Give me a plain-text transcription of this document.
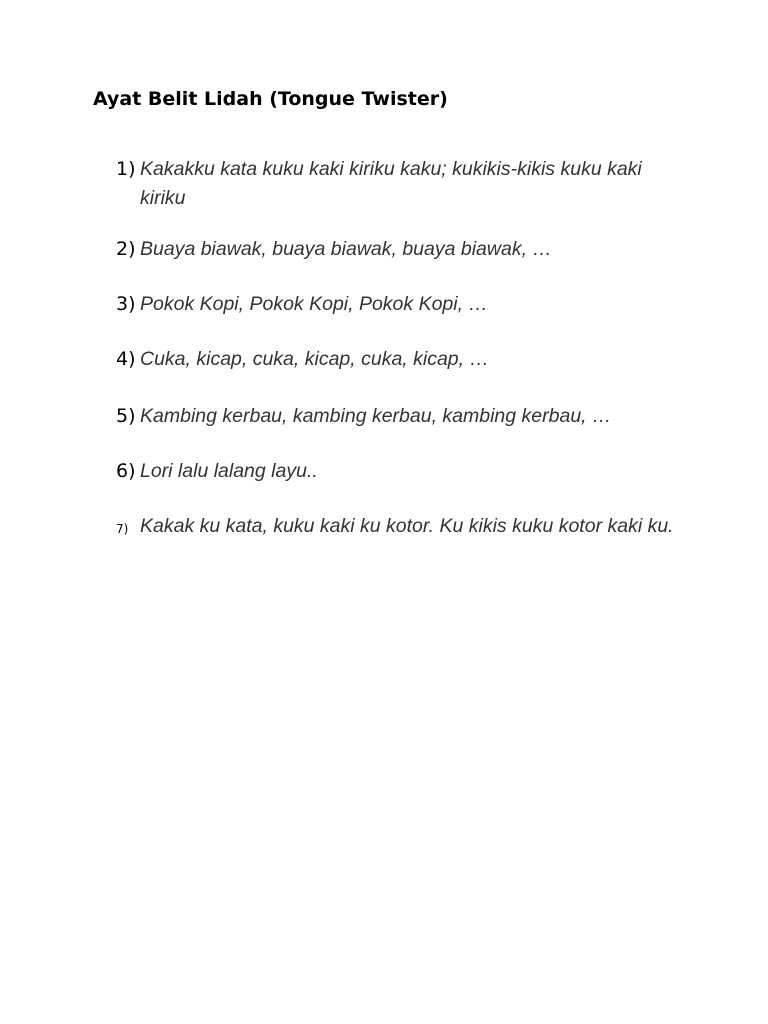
Ayat Belit Lidah (Tongue Twister)
1) Kakakku kata kuku kaki kiriku kaku; kukikis-kikis kuku kaki kiriku
2) Buaya biawak, buaya biawak, buaya biawak, …
3) Pokok Kopi, Pokok Kopi, Pokok Kopi, …
4) Cuka, kicap, cuka, kicap, cuka, kicap, …
5) Kambing kerbau, kambing kerbau, kambing kerbau, …
6) Lori lalu lalang layu..
7) Kakak ku kata, kuku kaki ku kotor. Ku kikis kuku kotor kaki ku.
